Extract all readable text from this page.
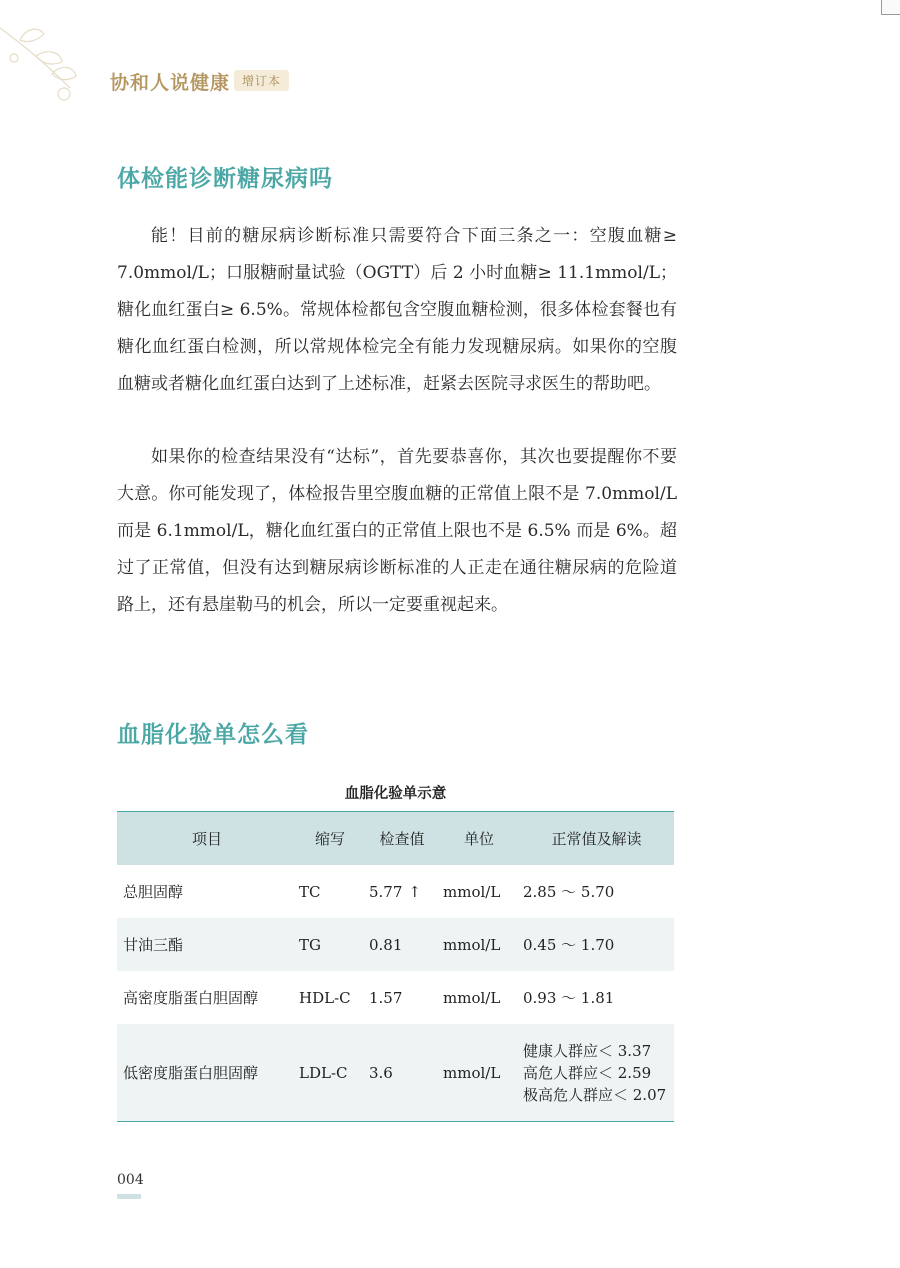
协和人说健康 增订本
体检能诊断糖尿病吗

能！目前的糖尿病诊断标准只需要符合下面三条之一：空腹血糖≥ 7.0mmol/L；口服糖耐量试验（OGTT）后 2 小时血糖≥ 11.1mmol/L；糖化血红蛋白≥ 6.5%。常规体检都包含空腹血糖检测，很多体检套餐也有糖化血红蛋白检测，所以常规体检完全有能力发现糖尿病。如果你的空腹血糖或者糖化血红蛋白达到了上述标准，赶紧去医院寻求医生的帮助吧。

如果你的检查结果没有“达标”，首先要恭喜你，其次也要提醒你不要大意。你可能发现了，体检报告里空腹血糖的正常值上限不是 7.0mmol/L 而是 6.1mmol/L，糖化血红蛋白的正常值上限也不是 6.5% 而是 6%。超过了正常值，但没有达到糖尿病诊断标准的人正走在通往糖尿病的危险道路上，还有悬崖勒马的机会，所以一定要重视起来。

血脂化验单怎么看
血脂化验单示意
项目	缩写	检查值	单位	正常值及解读
总胆固醇	TC	5.77 ↑	mmol/L	2.85 ～ 5.70
甘油三酯	TG	0.81	mmol/L	0.45 ～ 1.70
高密度脂蛋白胆固醇	HDL-C	1.57	mmol/L	0.93 ～ 1.81
低密度脂蛋白胆固醇	LDL-C	3.6	mmol/L	健康人群应＜ 3.37
高危人群应＜ 2.59
极高危人群应＜ 2.07
004
